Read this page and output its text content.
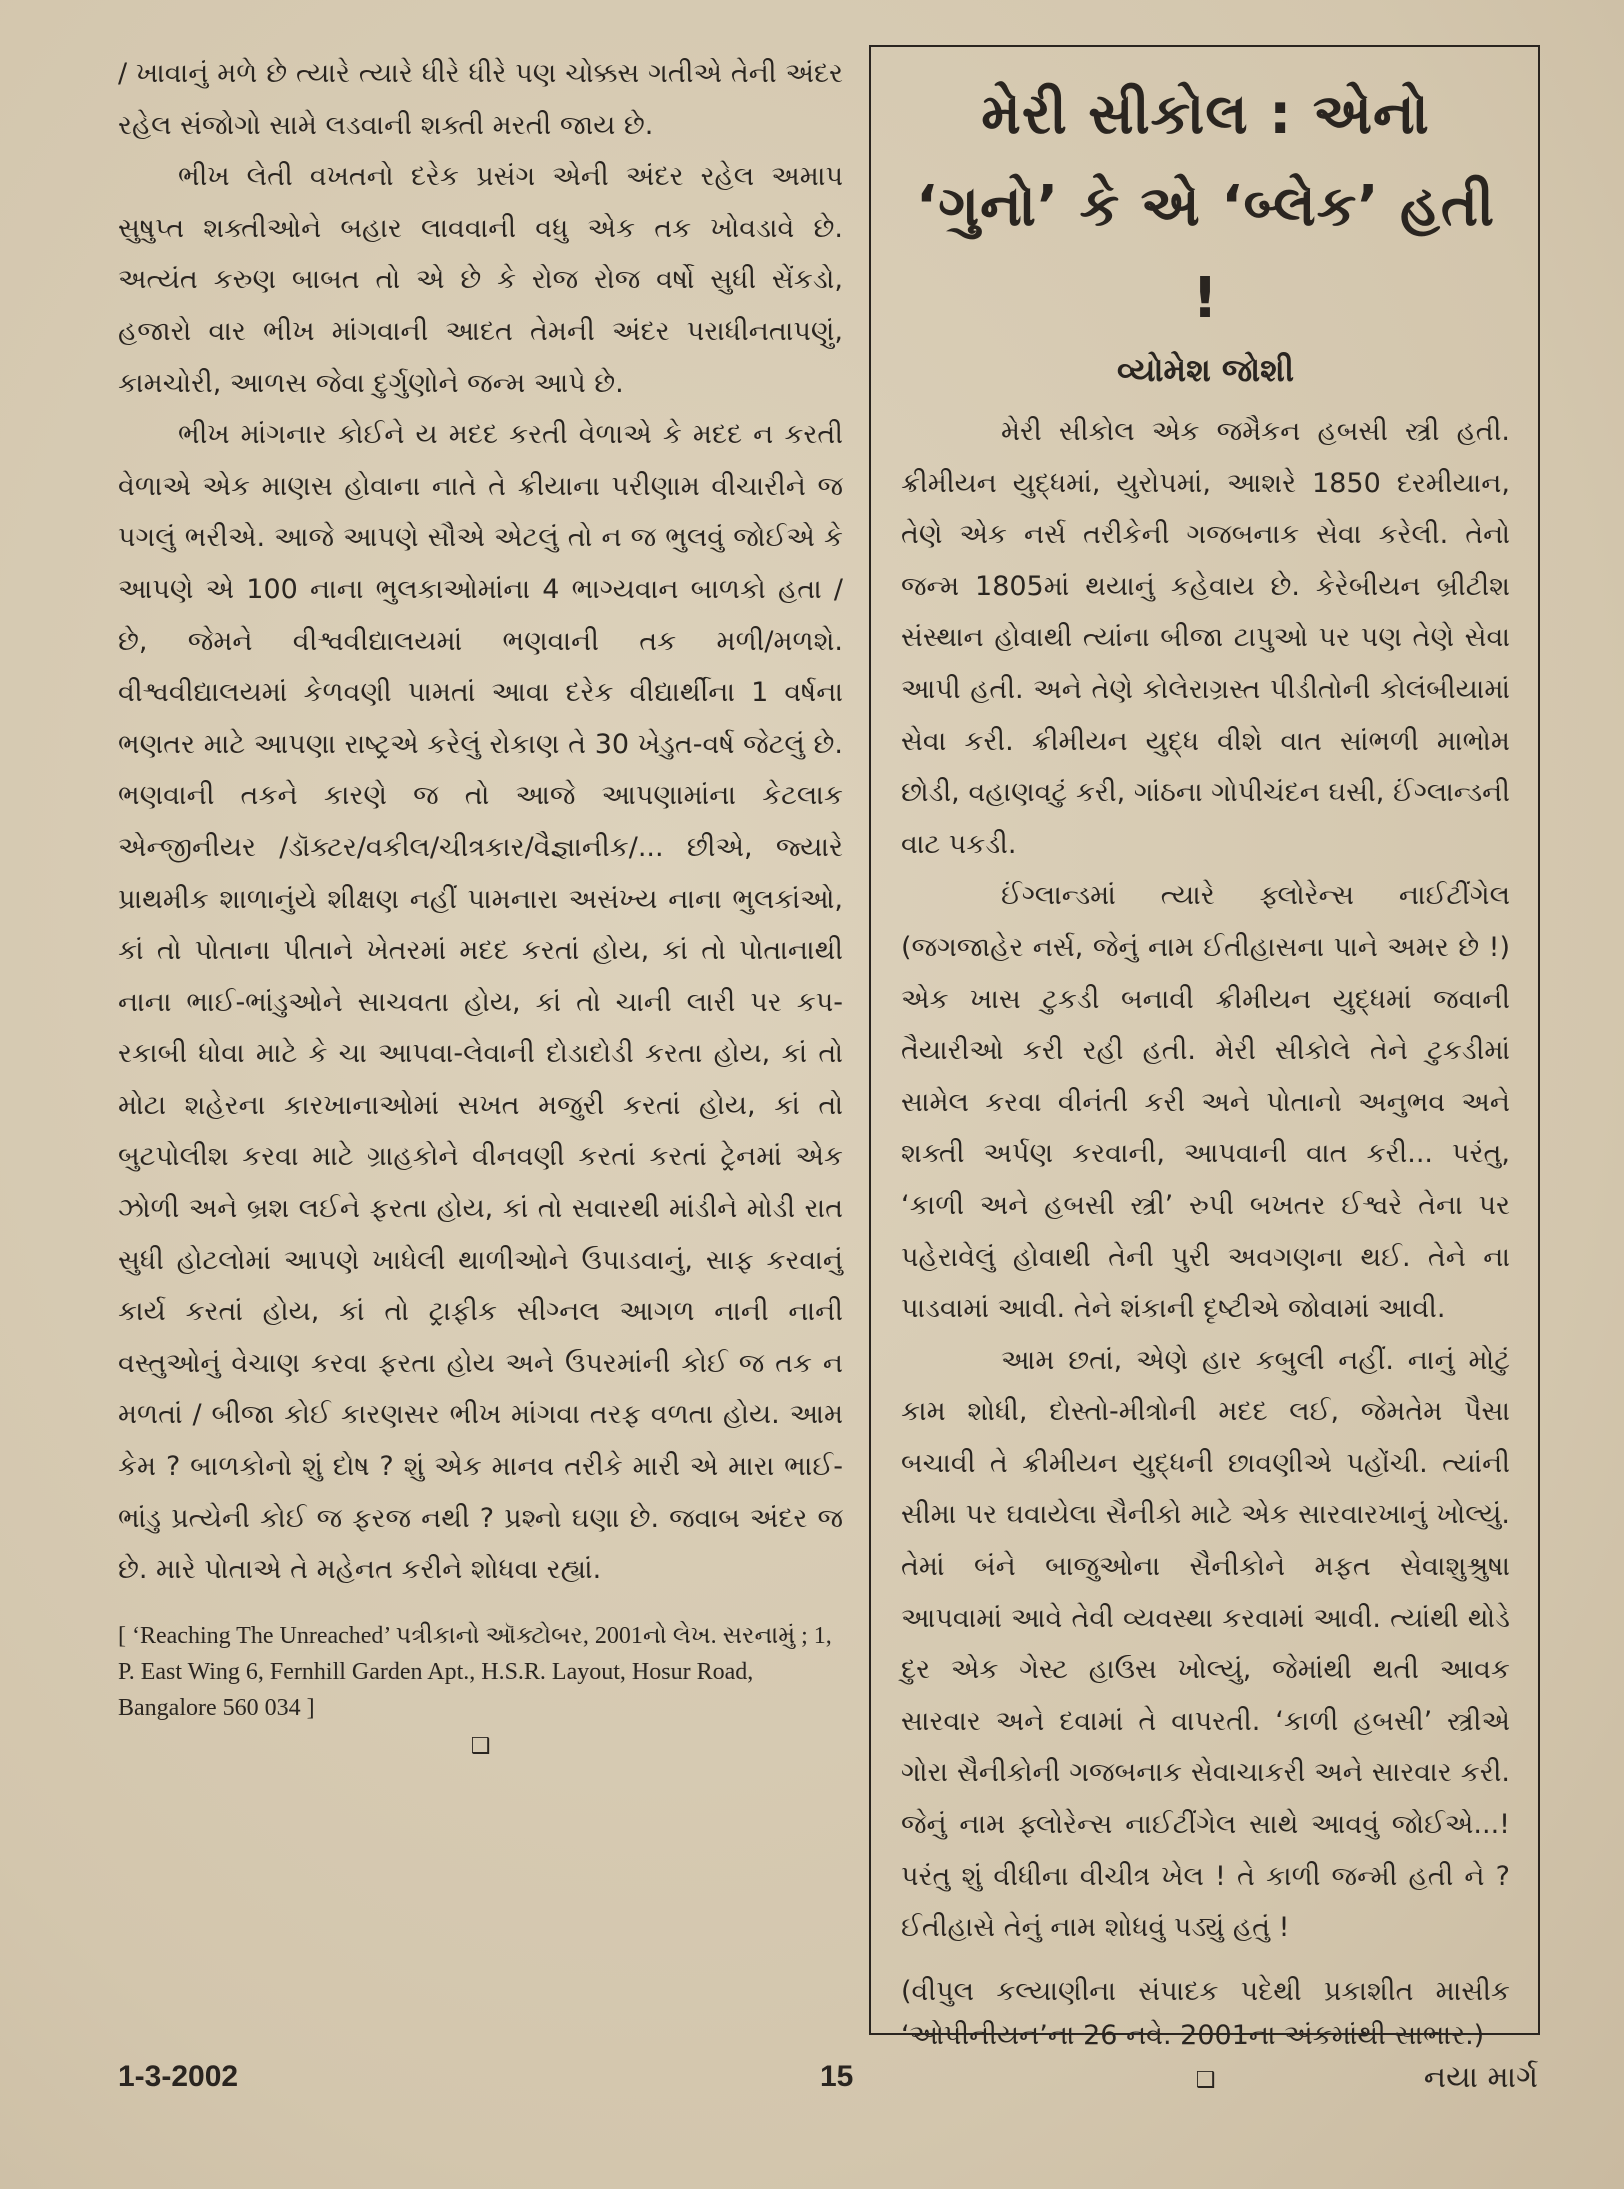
/ ખાવાનું મળે છે ત્યારે ત્યારે ધીરે ધીરે પણ ચોક્કસ ગતીએ તેની અંદર રહેલ સંજોગો સામે લડવાની શક્તી મરતી જાય છે.

ભીખ લેતી વખતનો દરેક પ્રસંગ એની અંદર રહેલ અમાપ સુષુપ્ત શક્તીઓને બહાર લાવવાની વધુ એક તક ખોવડાવે છે. અત્યંત કરુણ બાબત તો એ છે કે રોજ રોજ વર્ષો સુધી સેંકડો, હજારો વાર ભીખ માંગવાની આદત તેમની અંદર પરાધીનતાપણું, કામચોરી, આળસ જેવા દુર્ગુણોને જન્મ આપે છે.

ભીખ માંગનાર કોઈને ય મદદ કરતી વેળાએ કે મદદ ન કરતી વેળાએ એક માણસ હોવાના નાતે તે ક્રીયાના પરીણામ વીચારીને જ પગલું ભરીએ. આજે આપણે સૌએ એટલું તો ન જ ભુલવું જોઈએ કે આપણે એ 100 નાના ભુલકાઓમાંના 4 ભાગ્યવાન બાળકો હતા / છે, જેમને વીશ્વવીદ્યાલયમાં ભણવાની તક મળી/મળશે. વીશ્વવીદ્યાલયમાં કેળવણી પામતાં આવા દરેક વીદ્યાર્થીના 1 વર્ષના ભણતર માટે આપણા રાષ્ટ્રએ કરેલું રોકાણ તે 30 ખેડુત-વર્ષ જેટલું છે. ભણવાની તકને કારણે જ તો આજે આપણામાંના કેટલાક એન્જીનીયર /ડૉક્ટર/વકીલ/ચીત્રકાર/વૈજ્ઞાનીક/... છીએ, જ્યારે પ્રાથમીક શાળાનુંયે શીક્ષણ નહીં પામનારા અસંખ્ય નાના ભુલકાંઓ, કાં તો પોતાના પીતાને ખેતરમાં મદદ કરતાં હોય, કાં તો પોતાનાથી નાના ભાઈ-ભાંડુઓને સાચવતા હોય, કાં તો ચાની લારી પર કપ-રકાબી ધોવા માટે કે ચા આપવા-લેવાની દોડાદોડી કરતા હોય, કાં તો મોટા શહેરના કારખાનાઓમાં સખત મજુરી કરતાં હોય, કાં તો બુટપોલીશ કરવા માટે ગ્રાહકોને વીનવણી કરતાં કરતાં ટ્રેનમાં એક ઝોળી અને બ્રશ લઈને ફરતા હોય, કાં તો સવારથી માંડીને મોડી રાત સુધી હોટલોમાં આપણે ખાધેલી થાળીઓને ઉપાડવાનું, સાફ કરવાનું કાર્ય કરતાં હોય, કાં તો ટ્રાફીક સીગ્નલ આગળ નાની નાની વસ્તુઓનું વેચાણ કરવા ફરતા હોય અને ઉપરમાંની કોઈ જ તક ન મળતાં / બીજા કોઈ કારણસર ભીખ માંગવા તરફ વળતા હોય. આમ કેમ ? બાળકોનો શું દોષ ? શું એક માનવ તરીકે મારી એ મારા ભાઈ-ભાંડુ પ્રત્યેની કોઈ જ ફરજ નથી ? પ્રશ્નો ઘણા છે. જવાબ અંદર જ છે. મારે પોતાએ તે મહેનત કરીને શોધવા રહ્યાં.

[ ‘Reaching The Unreached’ પત્રીકાનો ઑક્ટોબર, 2001નો લેખ. સરનામું ; 1, P. East Wing 6, Fernhill Garden Apt., H.S.R. Layout, Hosur Road, Bangalore 560 034 ]

❑
મેરી સીકોલ : એનો ‘ગુનો’ કે એ ‘બ્લેક’ હતી !
વ્યોમેશ જોશી

મેરી સીકોલ એક જમૈકન હબસી સ્ત્રી હતી. ક્રીમીયન યુદ્ધમાં, યુરોપમાં, આશરે 1850 દરમીયાન, તેણે એક નર્સ તરીકેની ગજબનાક સેવા કરેલી. તેનો જન્મ 1805માં થયાનું કહેવાય છે. કેરેબીયન બ્રીટીશ સંસ્થાન હોવાથી ત્યાંના બીજા ટાપુઓ પર પણ તેણે સેવા આપી હતી. અને તેણે કોલેરાગ્રસ્ત પીડીતોની કોલંબીયામાં સેવા કરી. ક્રીમીયન યુદ્ધ વીશે વાત સાંભળી માભોમ છોડી, વહાણવટું કરી, ગાંઠના ગોપીચંદન ઘસી, ઈંગ્લાન્ડની વાટ પકડી.

ઈંગ્લાન્ડમાં ત્યારે ફ્લોરેન્સ નાઈટીંગેલ (જગજાહેર નર્સ, જેનું નામ ઈતીહાસના પાને અમર છે !) એક ખાસ ટુકડી બનાવી ક્રીમીયન યુદ્ધમાં જવાની તૈયારીઓ કરી રહી હતી. મેરી સીકોલે તેને ટુકડીમાં સામેલ કરવા વીનંતી કરી અને પોતાનો અનુભવ અને શક્તી અર્પણ કરવાની, આપવાની વાત કરી... પરંતુ, ‘કાળી અને હબસી સ્ત્રી’ રુપી બખતર ઈશ્વરે તેના પર પહેરાવેલું હોવાથી તેની પુરી અવગણના થઈ. તેને ના પાડવામાં આવી. તેને શંકાની દૃષ્ટીએ જોવામાં આવી.

આમ છતાં, એણે હાર કબુલી નહીં. નાનું મોટું કામ શોધી, દોસ્તો-મીત્રોની મદદ લઈ, જેમતેમ પૈસા બચાવી તે ક્રીમીયન યુદ્ધની છાવણીએ પહોંચી. ત્યાંની સીમા પર ઘવાયેલા સૈનીકો માટે એક સારવારખાનું ખોલ્યું. તેમાં બંને બાજુઓના સૈનીકોને મફત સેવાશુશ્રુષા આપવામાં આવે તેવી વ્યવસ્થા કરવામાં આવી. ત્યાંથી થોડે દુર એક ગેસ્ટ હાઉસ ખોલ્યું, જેમાંથી થતી આવક સારવાર અને દવામાં તે વાપરતી. ‘કાળી હબસી’ સ્ત્રીએ ગોરા સૈનીકોની ગજબનાક સેવાચાકરી અને સારવાર કરી. જેનું નામ ફ્લોરેન્સ નાઈટીંગેલ સાથે આવવું જોઈએ...! પરંતુ શું વીધીના વીચીત્ર ખેલ ! તે કાળી જન્મી હતી ને ? ઈતીહાસે તેનું નામ શોધવું પડ્યું હતું !

(વીપુલ કલ્યાણીના સંપાદક પદેથી પ્રકાશીત માસીક ‘ઓપીનીયન’ના 26 નવે. 2001ના અંકમાંથી સાભાર.)

❑
1-3-2002	15	નયા માર્ગ
